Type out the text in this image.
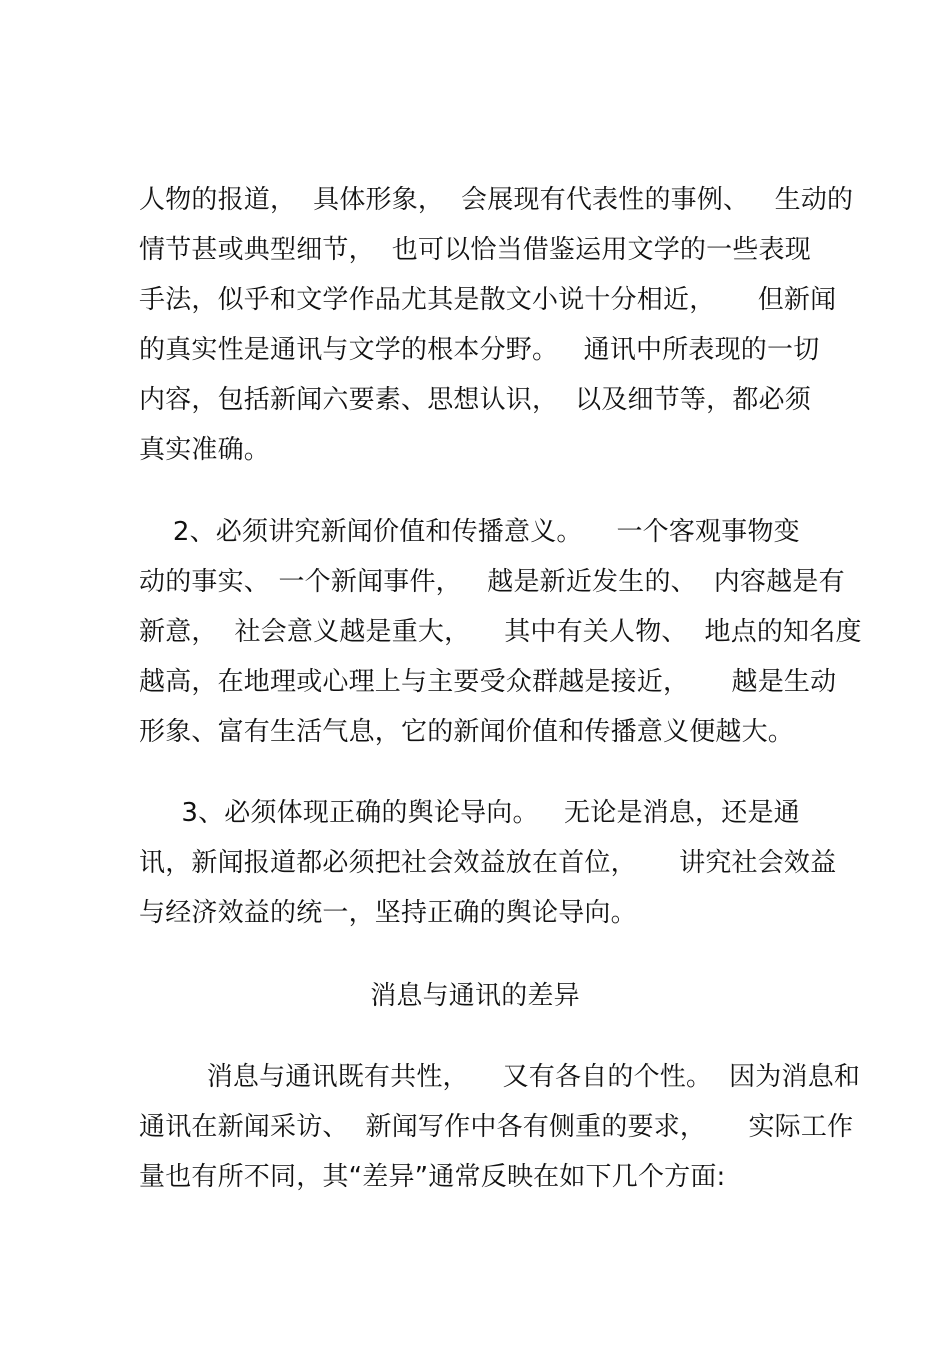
人物的报道，  具体形象，  会展现有代表性的事例、   生动的
情节甚或典型细节，  也可以恰当借鉴运用文学的一些表现
手法，似乎和文学作品尤其是散文小说十分相近，     但新闻
的真实性是通讯与文学的根本分野。   通讯中所表现的一切
内容，包括新闻六要素、思想认识，  以及细节等，都必须
真实准确。
2、必须讲究新闻价值和传播意义。    一个客观事物变
动的事实、 一个新闻事件，   越是新近发生的、  内容越是有
新意，  社会意义越是重大，    其中有关人物、  地点的知名度
越高，在地理或心理上与主要受众群越是接近，     越是生动
形象、富有生活气息，它的新闻价值和传播意义便越大。
3、必须体现正确的舆论导向。   无论是消息，还是通
讯，新闻报道都必须把社会效益放在首位，     讲究社会效益
与经济效益的统一，坚持正确的舆论导向。
消息与通讯的差异
消息与通讯既有共性，    又有各自的个性。  因为消息和
通讯在新闻采访、  新闻写作中各有侧重的要求，     实际工作
量也有所不同，其“差异”通常反映在如下几个方面:
